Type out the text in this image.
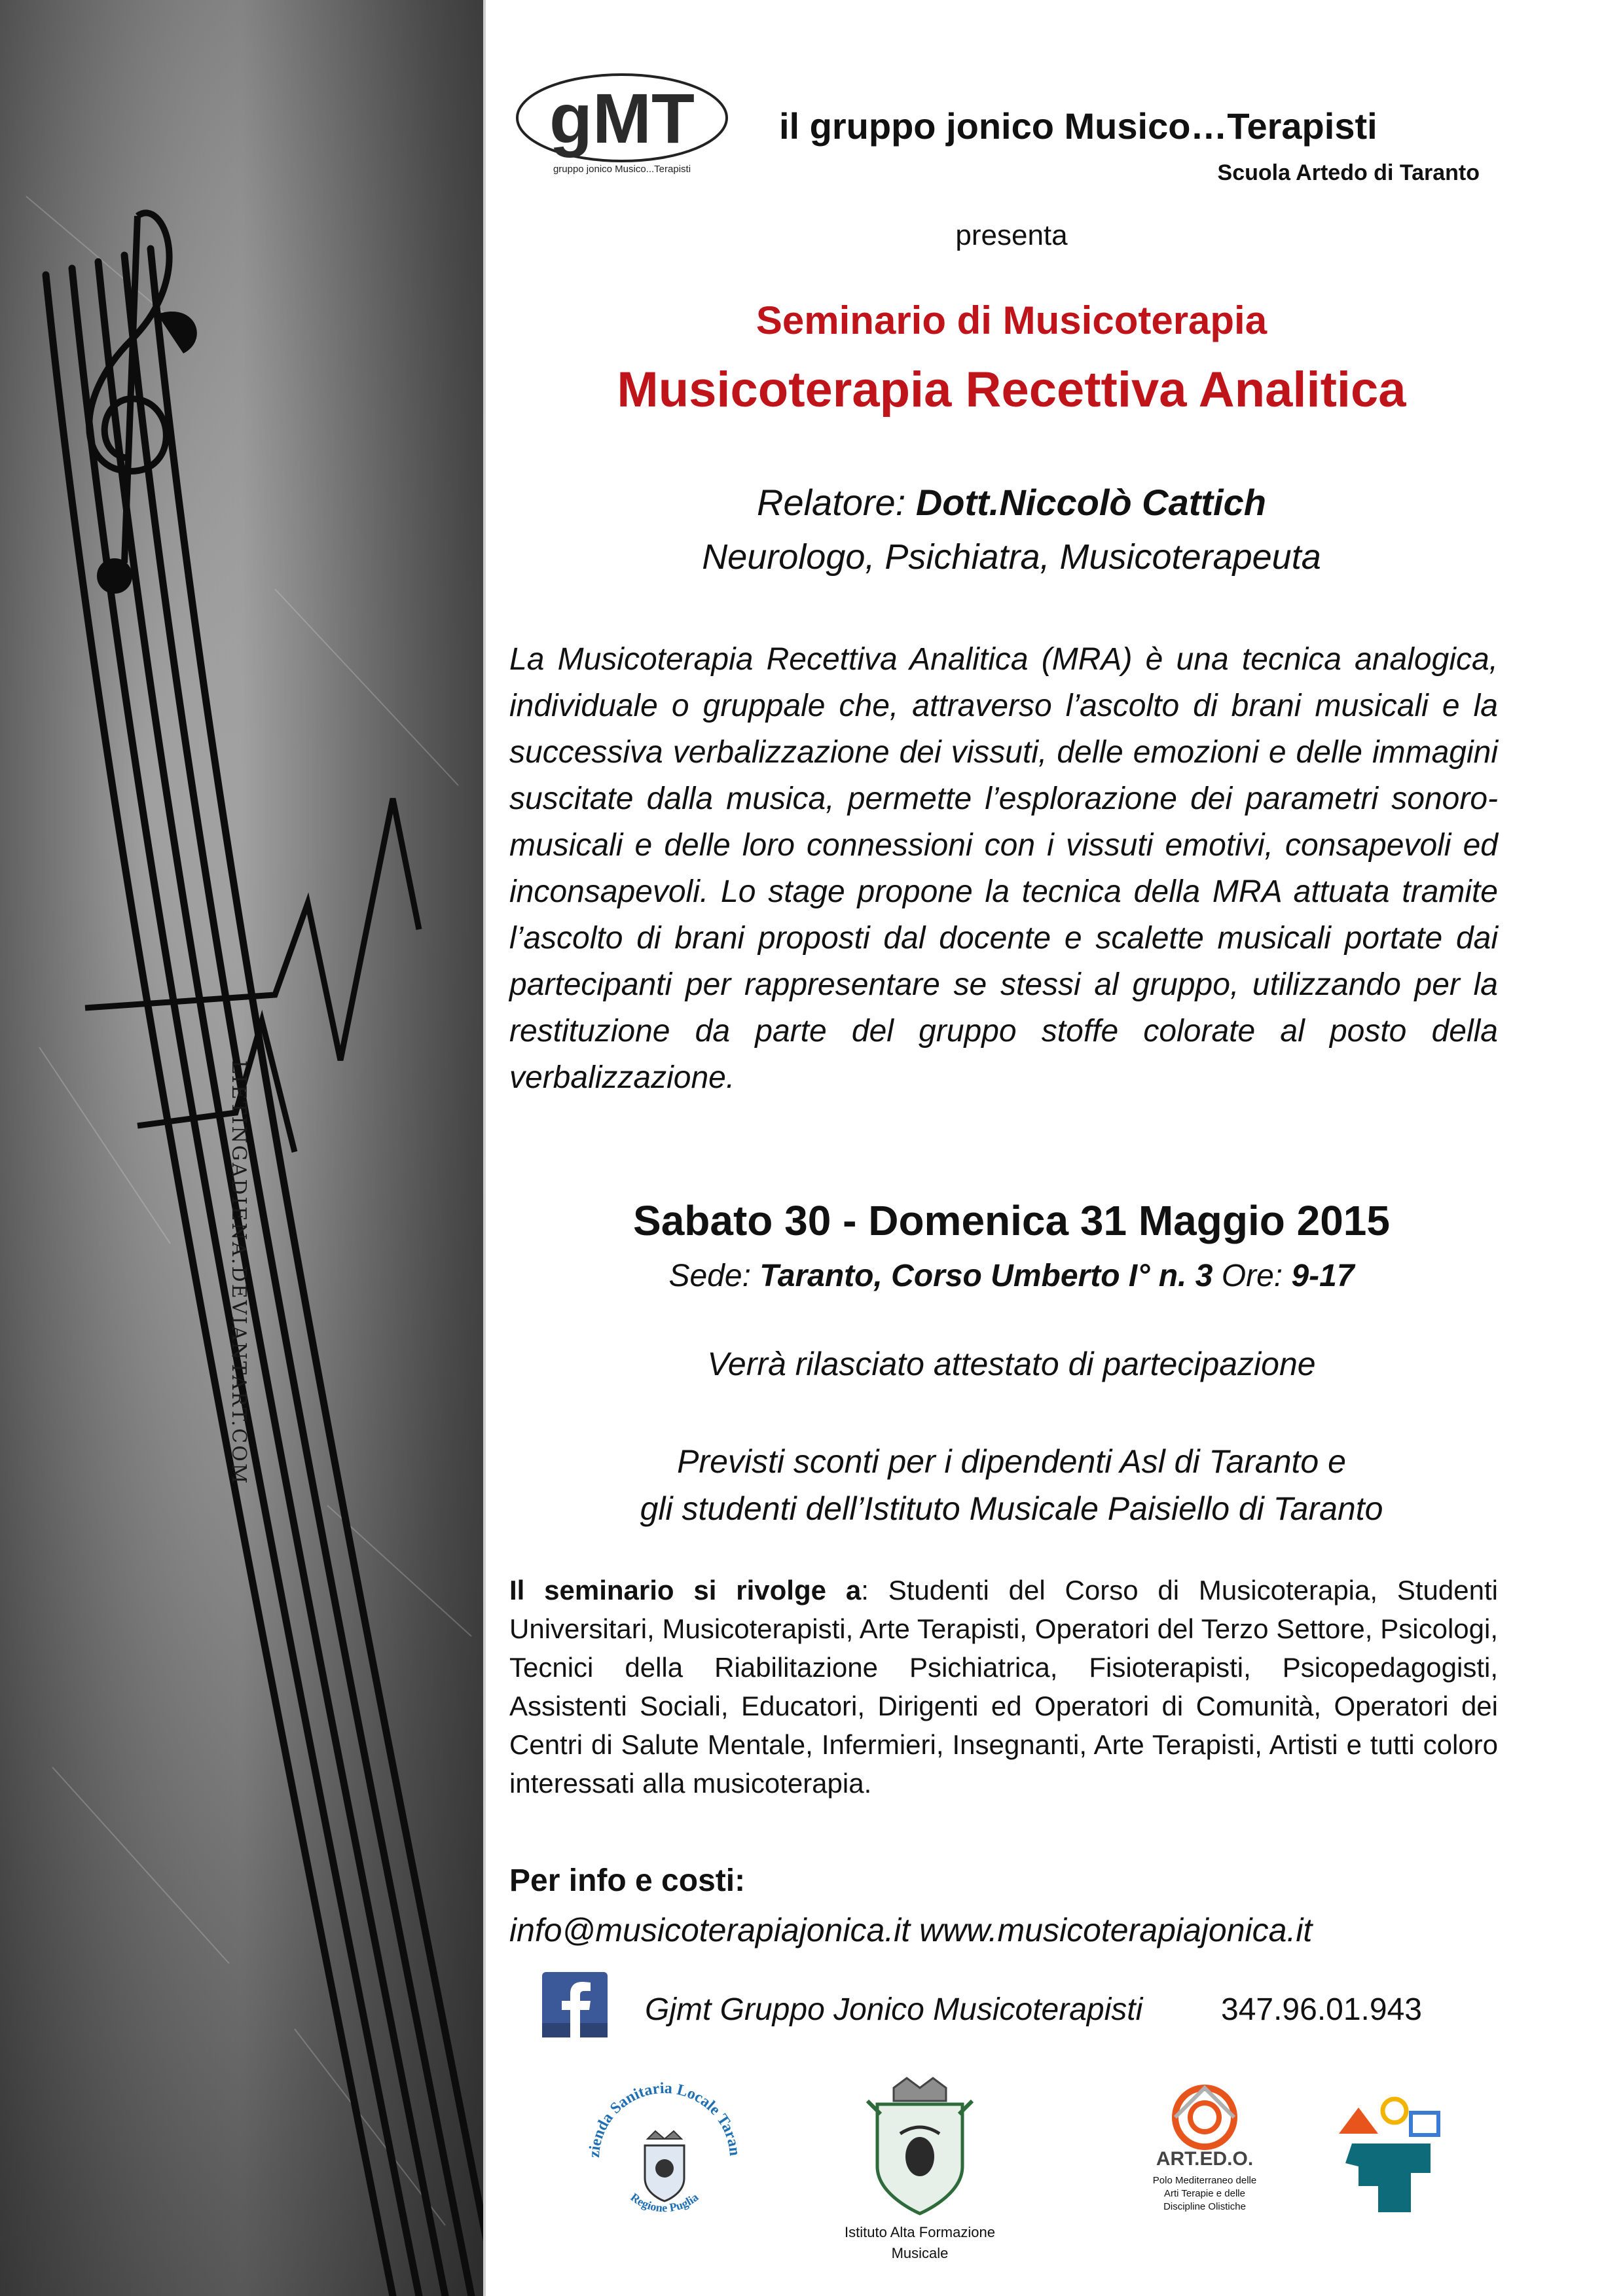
LIETINGADIENA.DEVIANTART.COM
gMT
gruppo jonico Musico...Terapisti
il gruppo jonico Musico…Terapisti
Scuola Artedo di Taranto
presenta
Seminario di Musicoterapia
Musicoterapia Recettiva Analitica
Relatore: Dott.Niccolò Cattich
Neurologo, Psichiatra, Musicoterapeuta
La Musicoterapia Recettiva Analitica (MRA) è una tecnica analogica, individuale o gruppale che, attraverso l’ascolto di brani musicali e la successiva verbalizzazione dei vissuti, delle emozioni e delle immagini suscitate dalla musica, permette l’esplorazione dei parametri sonoro-musicali e delle loro connessioni con i vissuti emotivi, consapevoli ed inconsapevoli. Lo stage propone la tecnica della MRA attuata tramite l’ascolto di brani proposti dal docente e scalette musicali portate dai partecipanti per rappresentare se stessi al gruppo, utilizzando per la restituzione da parte del gruppo stoffe colorate al posto della verbalizzazione.
Sabato 30 - Domenica 31 Maggio 2015
Sede: Taranto, Corso Umberto I° n. 3 Ore: 9-17
Verrà rilasciato attestato di partecipazione
Previsti sconti per i dipendenti Asl di Taranto e
gli studenti dell’Istituto Musicale Paisiello di Taranto
Il seminario si rivolge a: Studenti del Corso di Musicoterapia, Studenti Universitari, Musicoterapisti, Arte Terapisti, Operatori del Terzo Settore, Psicologi, Tecnici della Riabilitazione Psichiatrica, Fisioterapisti, Psicopedagogisti, Assistenti Sociali, Educatori, Dirigenti ed Operatori di Comunità, Operatori dei Centri di Salute Mentale, Infermieri, Insegnanti, Arte Terapisti, Artisti e tutti coloro interessati alla musicoterapia.
Per info e costi:
info@musicoterapiajonica.it www.musicoterapiajonica.it
Gjmt Gruppo Jonico Musicoterapisti 347.96.01.943
zienda Sanitaria Locale Taran
Regione Puglia
Istituto Alta Formazione
Musicale
ART.ED.O.
Polo Mediterraneo delle
Arti Terapie e delle
Discipline Olistiche
